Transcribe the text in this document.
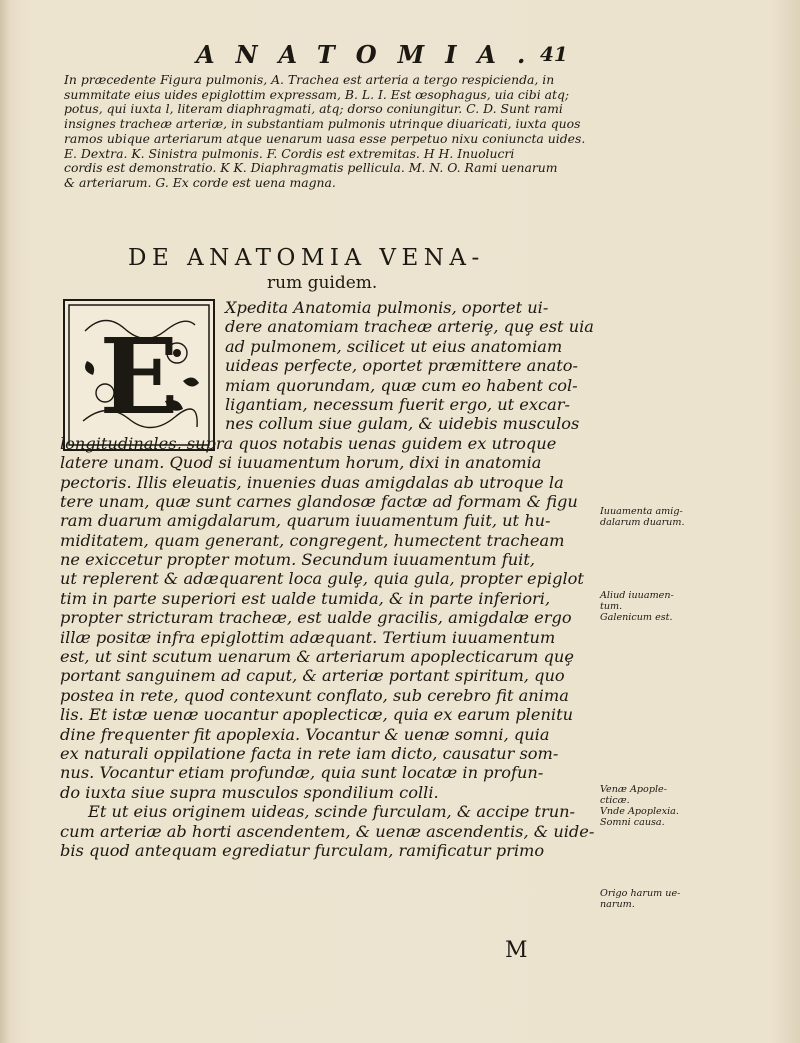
ANATOMIA.
41
In præcedente Figura pulmonis, A. Trachea est arteria a tergo respicienda, in
summitate eius uides epiglottim expressam, B. L. I. Est œsophagus, uia cibi atq;
potus, qui iuxta l, literam diaphragmati, atq; dorso coniungitur. C. D. Sunt rami
insignes tracheæ arteriæ, in substantiam pulmonis utrinque diuaricati, iuxta quos
ramos ubique arteriarum atque uenarum uasa esse perpetuo nixu coniuncta uides.
E. Dextra. K. Sinistra pulmonis. F. Cordis est extremitas. H H. Inuolucri
cordis est demonstratio. K K. Diaphragmatis pellicula. M. N. O. Rami uenarum
& arteriarum. G. Ex corde est uena magna.
DE ANATOMIA VENA-
rum guidem.
E
Xpedita Anatomia pulmonis, oportet ui-
dere anatomiam tracheæ arteriȩ, quȩ est uia
ad pulmonem, scilicet ut eius anatomiam
uideas perfecte, oportet præmittere anato-
miam quorundam, quæ cum eo habent col-
ligantiam, necessum fuerit ergo, ut excar-
nes collum siue gulam, & uidebis musculos
longitudinales, supra quos notabis uenas guidem ex utroque
latere unam. Quod si iuuamentum horum, dixi in anatomia
pectoris. Illis eleuatis, inuenies duas amigdalas ab utroque la
tere unam, quæ sunt carnes glandosæ factæ ad formam & figu
ram duarum amigdalarum, quarum iuuamentum fuit, ut hu-
miditatem, quam generant, congregent, humectent tracheam
ne exiccetur propter motum. Secundum iuuamentum fuit,
ut replerent & adæquarent loca gulȩ, quia gula, propter epiglot
tim in parte superiori est ualde tumida, & in parte inferiori,
propter stricturam tracheæ, est ualde gracilis, amigdalæ ergo
illæ positæ infra epiglottim adæquant. Tertium iuuamentum
est, ut sint scutum uenarum & arteriarum apoplecticarum quȩ
portant sanguinem ad caput, & arteriæ portant spiritum, quo
postea in rete, quod contexunt conflato, sub cerebro fit anima
lis. Et istæ uenæ uocantur apoplecticæ, quia ex earum plenitu
dine frequenter fit apoplexia. Vocantur & uenæ somni, quia
ex naturali oppilatione facta in rete iam dicto, causatur som-
nus. Vocantur etiam profundæ, quia sunt locatæ in profun-
do iuxta siue supra musculos spondilium colli.
Et ut eius originem uideas, scinde furculam, & accipe trun-
cum arteriæ ab horti ascendentem, & uenæ ascendentis, & uide-
bis quod antequam egrediatur furculam, ramificatur primo
Iuuamenta amig-
dalarum duarum.
Aliud iuuamen-
tum.
Galenicum est.
Venæ Apople-
cticæ.
Vnde Apoplexia.
Somni causa.
Origo harum ue-
narum.
M
